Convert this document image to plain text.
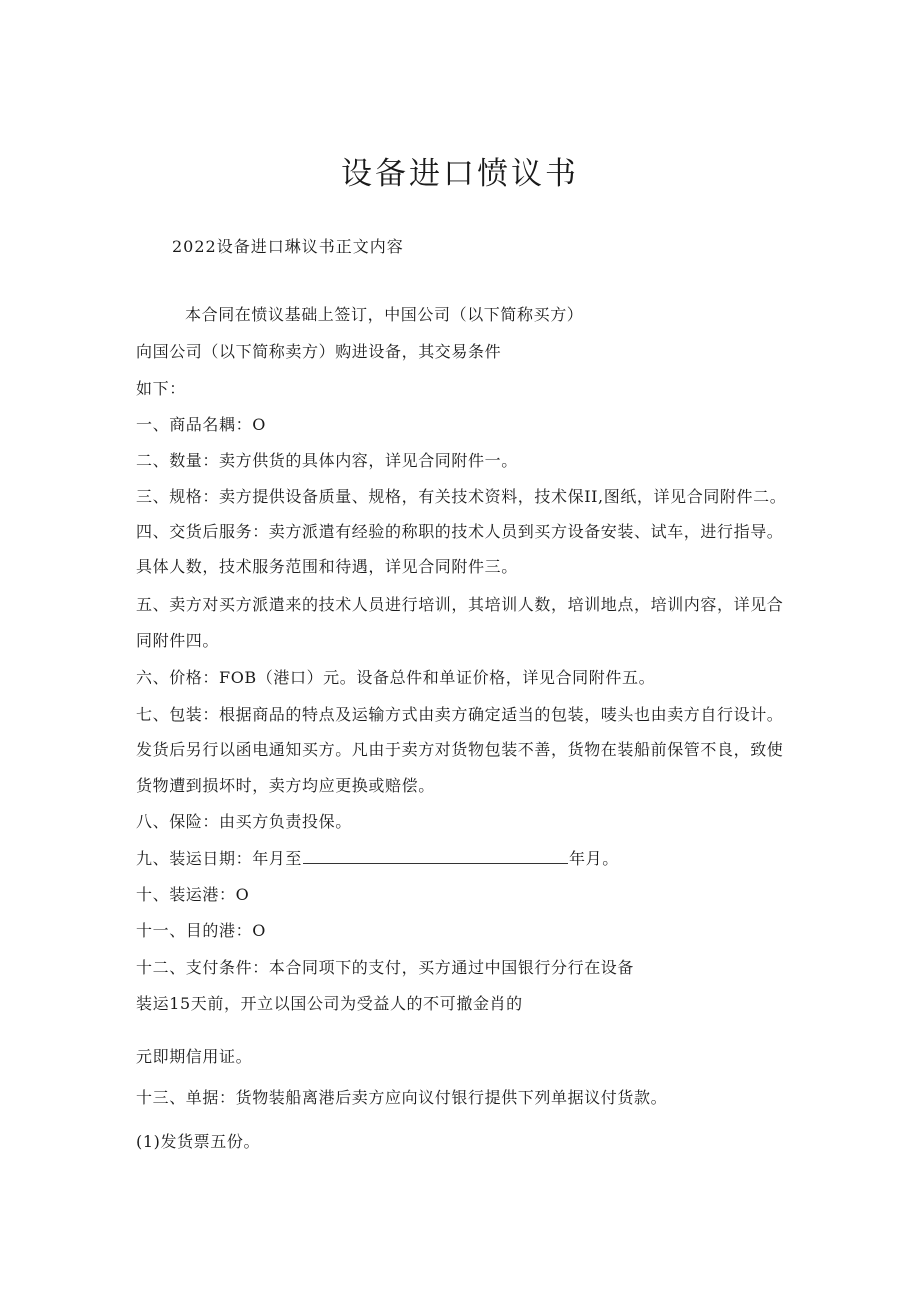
设备进口愤议书
2022设备进口琳议书正文内容
本合同在愤议基础上签订，中国公司（以下简称买方）
向国公司（以下简称卖方）购进设备，其交易条件
如下：
一、商品名耦：O
二、数量：卖方供货的具体内容，详见合同附件一。
三、规格：卖方提供设备质量、规格，有关技术资料，技术保II,图纸，详见合同附件二。
四、交货后服务：卖方派遣有经验的称职的技术人员到买方设备安装、试车，进行指导。
具体人数，技术服务范围和待遇，详见合同附件三。
五、卖方对买方派遣来的技术人员进行培训，其培训人数，培训地点，培训内容，详见合
同附件四。
六、价格：FOB（港口）元。设备总件和单证价格，详见合同附件五。
七、包装：根据商品的特点及运输方式由卖方确定适当的包装，唛头也由卖方自行设计。
发货后另行以函电通知买方。凡由于卖方对货物包装不善，货物在装船前保管不良，致使
货物遭到损坏时，卖方均应更换或赔偿。
八、保险：由买方负责投保。
九、装运日期：年月至	年月。
十、装运港：O
十一、目的港：O
十二、支付条件：本合同项下的支付，买方通过中国银行分行在设备
装运15天前，开立以国公司为受益人的不可撤金肖的
元即期信用证。
十三、单据：货物装船离港后卖方应向议付银行提供下列单据议付货款。
(1)发货票五份。
